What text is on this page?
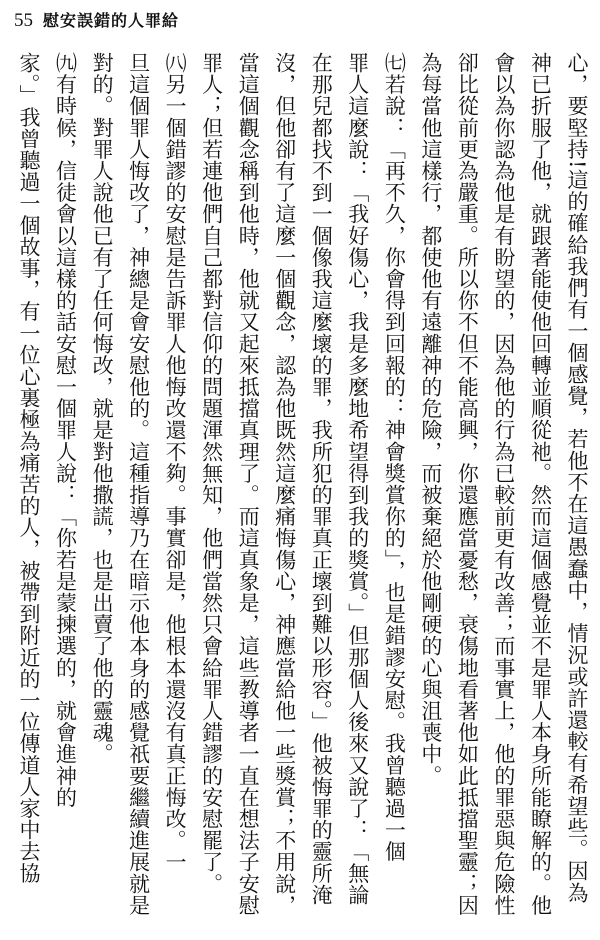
55 慰安誤錯的人罪給
心，要堅持!這的確給我們有一個感覺，若他不在這愚蠢中，情況或許還較有希望些。因為
神已折服了他，就跟著能使他回轉並順從祂。然而這個感覺並不是罪人本身所能瞭解的。他
會以為你認為他是有盼望的，因為他的行為已較前更有改善；而事實上，他的罪惡與危險性
卻比從前更為嚴重。所以你不但不能高興，你還應當憂愁，衰傷地看著他如此抵擋聖靈；因
為每當他這樣行，都使他有遠離神的危險，而被棄絕於他剛硬的心與沮喪中。
㈦若說：「再不久，你會得到回報的：神會獎賞你的」，也是錯謬安慰。我曾聽過一個
罪人這麼說：「我好傷心，我是多麼地希望得到我的獎賞。」但那個人後來又說了：「無論
在那兒都找不到一個像我這麼壞的罪，我所犯的罪真正壞到難以形容。」他被悔罪的靈所淹
沒，但他卻有了這麼一個觀念，認為他既然這麼痛悔傷心，神應當給他一些獎賞；不用說，
當這個觀念稱到他時，他就又起來抵擋真理了。而這真象是，這些教導者一直在想法子安慰
罪人；但若連他們自己都對信仰的問題渾然無知，他們當然只會給罪人錯謬的安慰罷了。
㈧另一個錯謬的安慰是告訴罪人他悔改還不夠。事實卻是，他根本還沒有真正悔改。一
旦這個罪人悔改了，神總是會安慰他的。這種指導乃在暗示他本身的感覺祇要繼續進展就是
對的。對罪人說他已有了任何悔改，就是對他撒謊，也是出賣了他的靈魂。
㈨有時候，信徒會以這樣的話安慰一個罪人說：「你若是蒙揀選的，就會進神的
家。」我曾聽過一個故事，有一位心裏極為痛苦的人，被帶到附近的一位傳道人家中去協
